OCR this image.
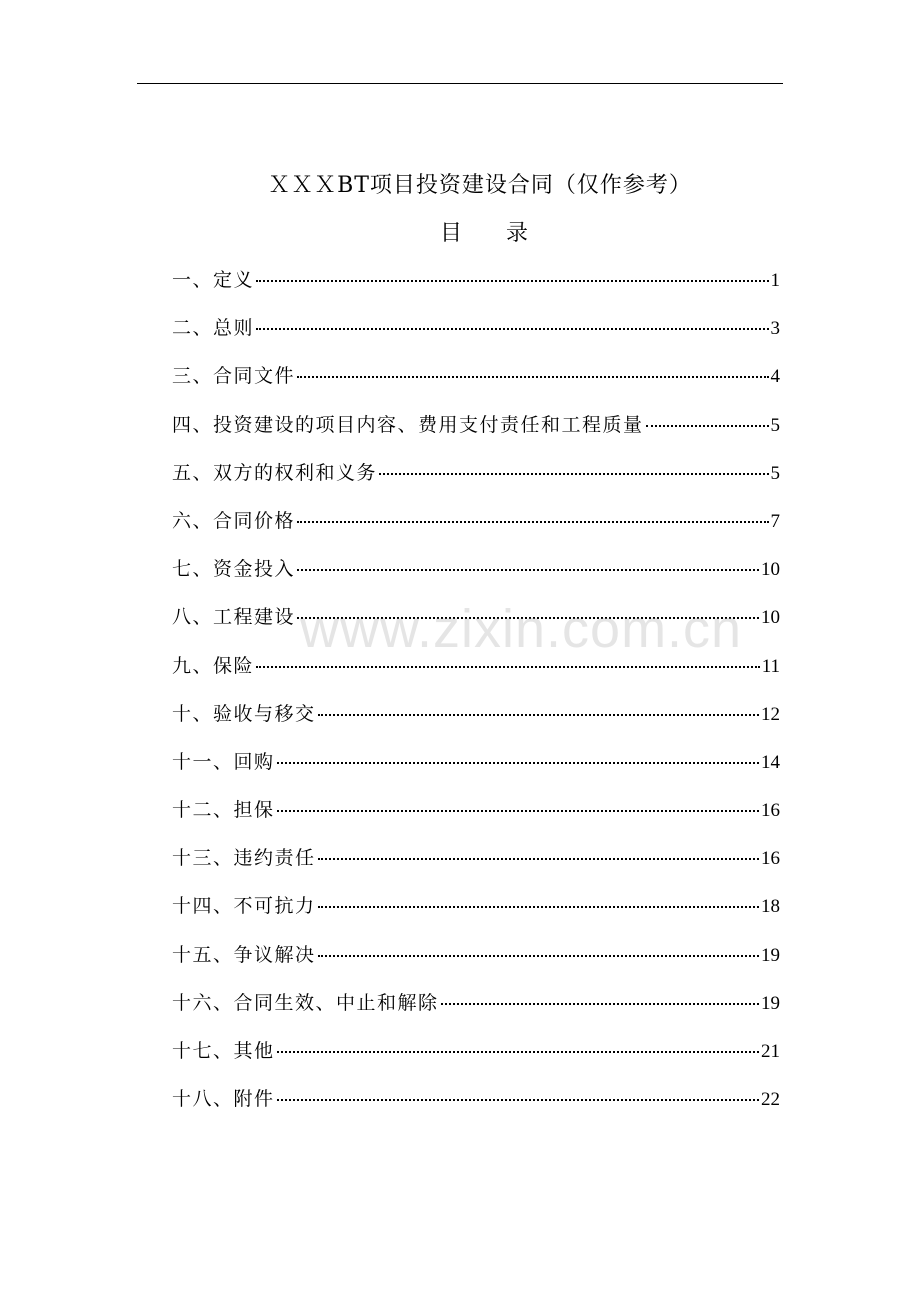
ＸＸＸBT项目投资建设合同（仅作参考）
目　　录
一、定义	1
二、总则	3
三、合同文件	4
四、投资建设的项目内容、费用支付责任和工程质量	5
五、双方的权利和义务	5
六、合同价格	7
七、资金投入	10
八、工程建设	10
九、保险	11
十、验收与移交	12
十一、回购	14
十二、担保	16
十三、违约责任	16
十四、不可抗力	18
十五、争议解决	19
十六、合同生效、中止和解除	19
十七、其他	21
十八、附件	22
www.zixin.com.cn
